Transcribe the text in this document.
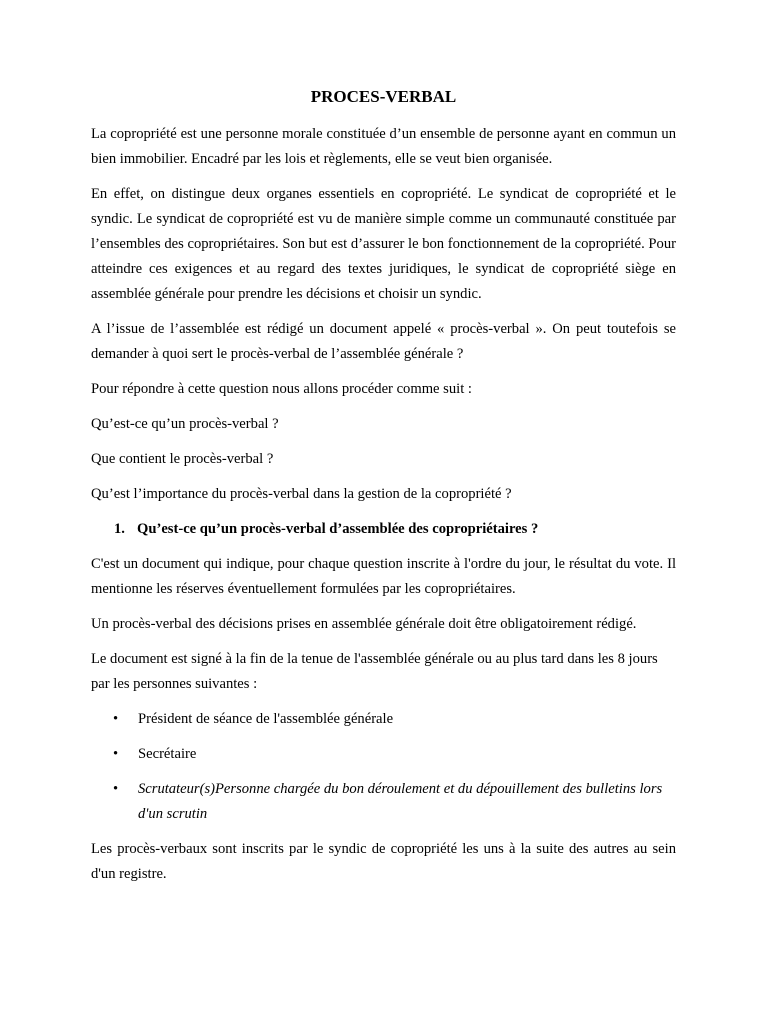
PROCES-VERBAL

La copropriété est une personne morale constituée d’un ensemble de personne ayant en commun un bien immobilier. Encadré par les lois et règlements, elle se veut bien organisée.

En effet, on distingue deux organes essentiels en copropriété. Le syndicat de copropriété et le syndic. Le syndicat de copropriété est vu de manière simple comme un communauté constituée par l’ensembles des copropriétaires. Son but est d’assurer le bon fonctionnement de la copropriété. Pour atteindre ces exigences et au regard des textes juridiques, le syndicat de copropriété siège en assemblée générale pour prendre les décisions et choisir un syndic.

A l’issue de l’assemblée est rédigé un document appelé « procès-verbal ». On peut toutefois se demander à quoi sert le procès-verbal de l’assemblée générale ?

Pour répondre à cette question nous allons procéder comme suit :

Qu’est-ce qu’un procès-verbal ?

Que contient le procès-verbal ?

Qu’est l’importance du procès-verbal dans la gestion de la copropriété ?

1. Qu’est-ce qu’un procès-verbal d’assemblée des copropriétaires ?

C'est un document qui indique, pour chaque question inscrite à l'ordre du jour, le résultat du vote. Il mentionne les réserves éventuellement formulées par les copropriétaires.

Un procès-verbal des décisions prises en assemblée générale doit être obligatoirement rédigé.

Le document est signé à la fin de la tenue de l'assemblée générale ou au plus tard dans les 8 jours par les personnes suivantes :

•	Président de séance de l'assemblée générale
•	Secrétaire
•	Scrutateur(s)Personne chargée du bon déroulement et du dépouillement des bulletins lors d'un scrutin

Les procès-verbaux sont inscrits par le syndic de copropriété les uns à la suite des autres au sein d'un registre.
